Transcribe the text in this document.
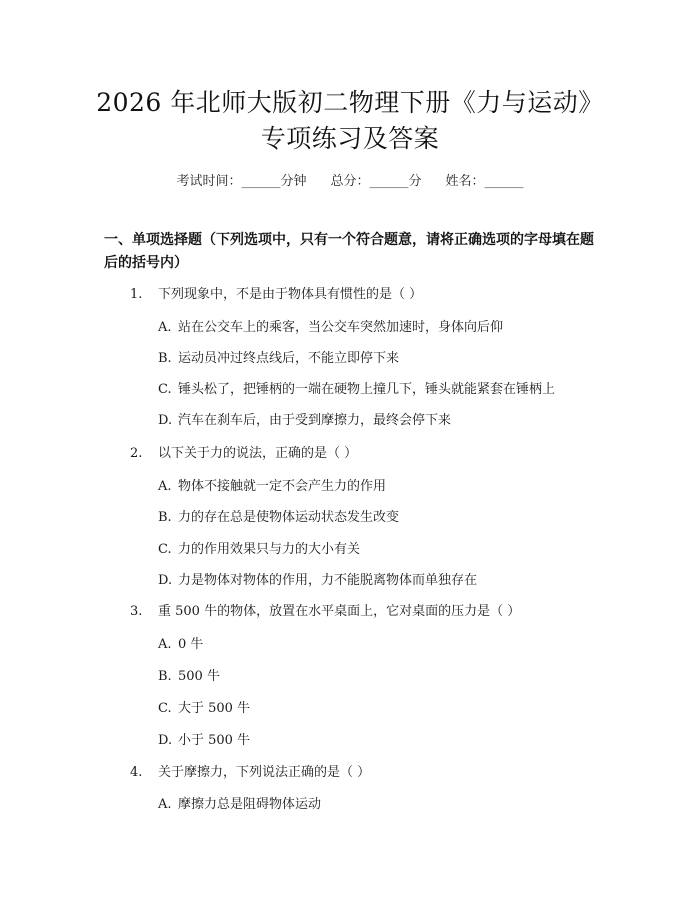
2026 年北师大版初二物理下册《力与运动》
专项练习及答案
考试时间：______分钟 总分：______分 姓名：______
一、单项选择题（下列选项中，只有一个符合题意，请将正确选项的字母填在题后的括号内）
1. 下列现象中，不是由于物体具有惯性的是（ ）
A. 站在公交车上的乘客，当公交车突然加速时，身体向后仰
B. 运动员冲过终点线后，不能立即停下来
C. 锤头松了，把锤柄的一端在硬物上撞几下，锤头就能紧套在锤柄上
D. 汽车在刹车后，由于受到摩擦力，最终会停下来
2. 以下关于力的说法，正确的是（ ）
A. 物体不接触就一定不会产生力的作用
B. 力的存在总是使物体运动状态发生改变
C. 力的作用效果只与力的大小有关
D. 力是物体对物体的作用，力不能脱离物体而单独存在
3. 重 500 牛的物体，放置在水平桌面上，它对桌面的压力是（ ）
A. 0 牛
B. 500 牛
C. 大于 500 牛
D. 小于 500 牛
4. 关于摩擦力，下列说法正确的是（ ）
A. 摩擦力总是阻碍物体运动
